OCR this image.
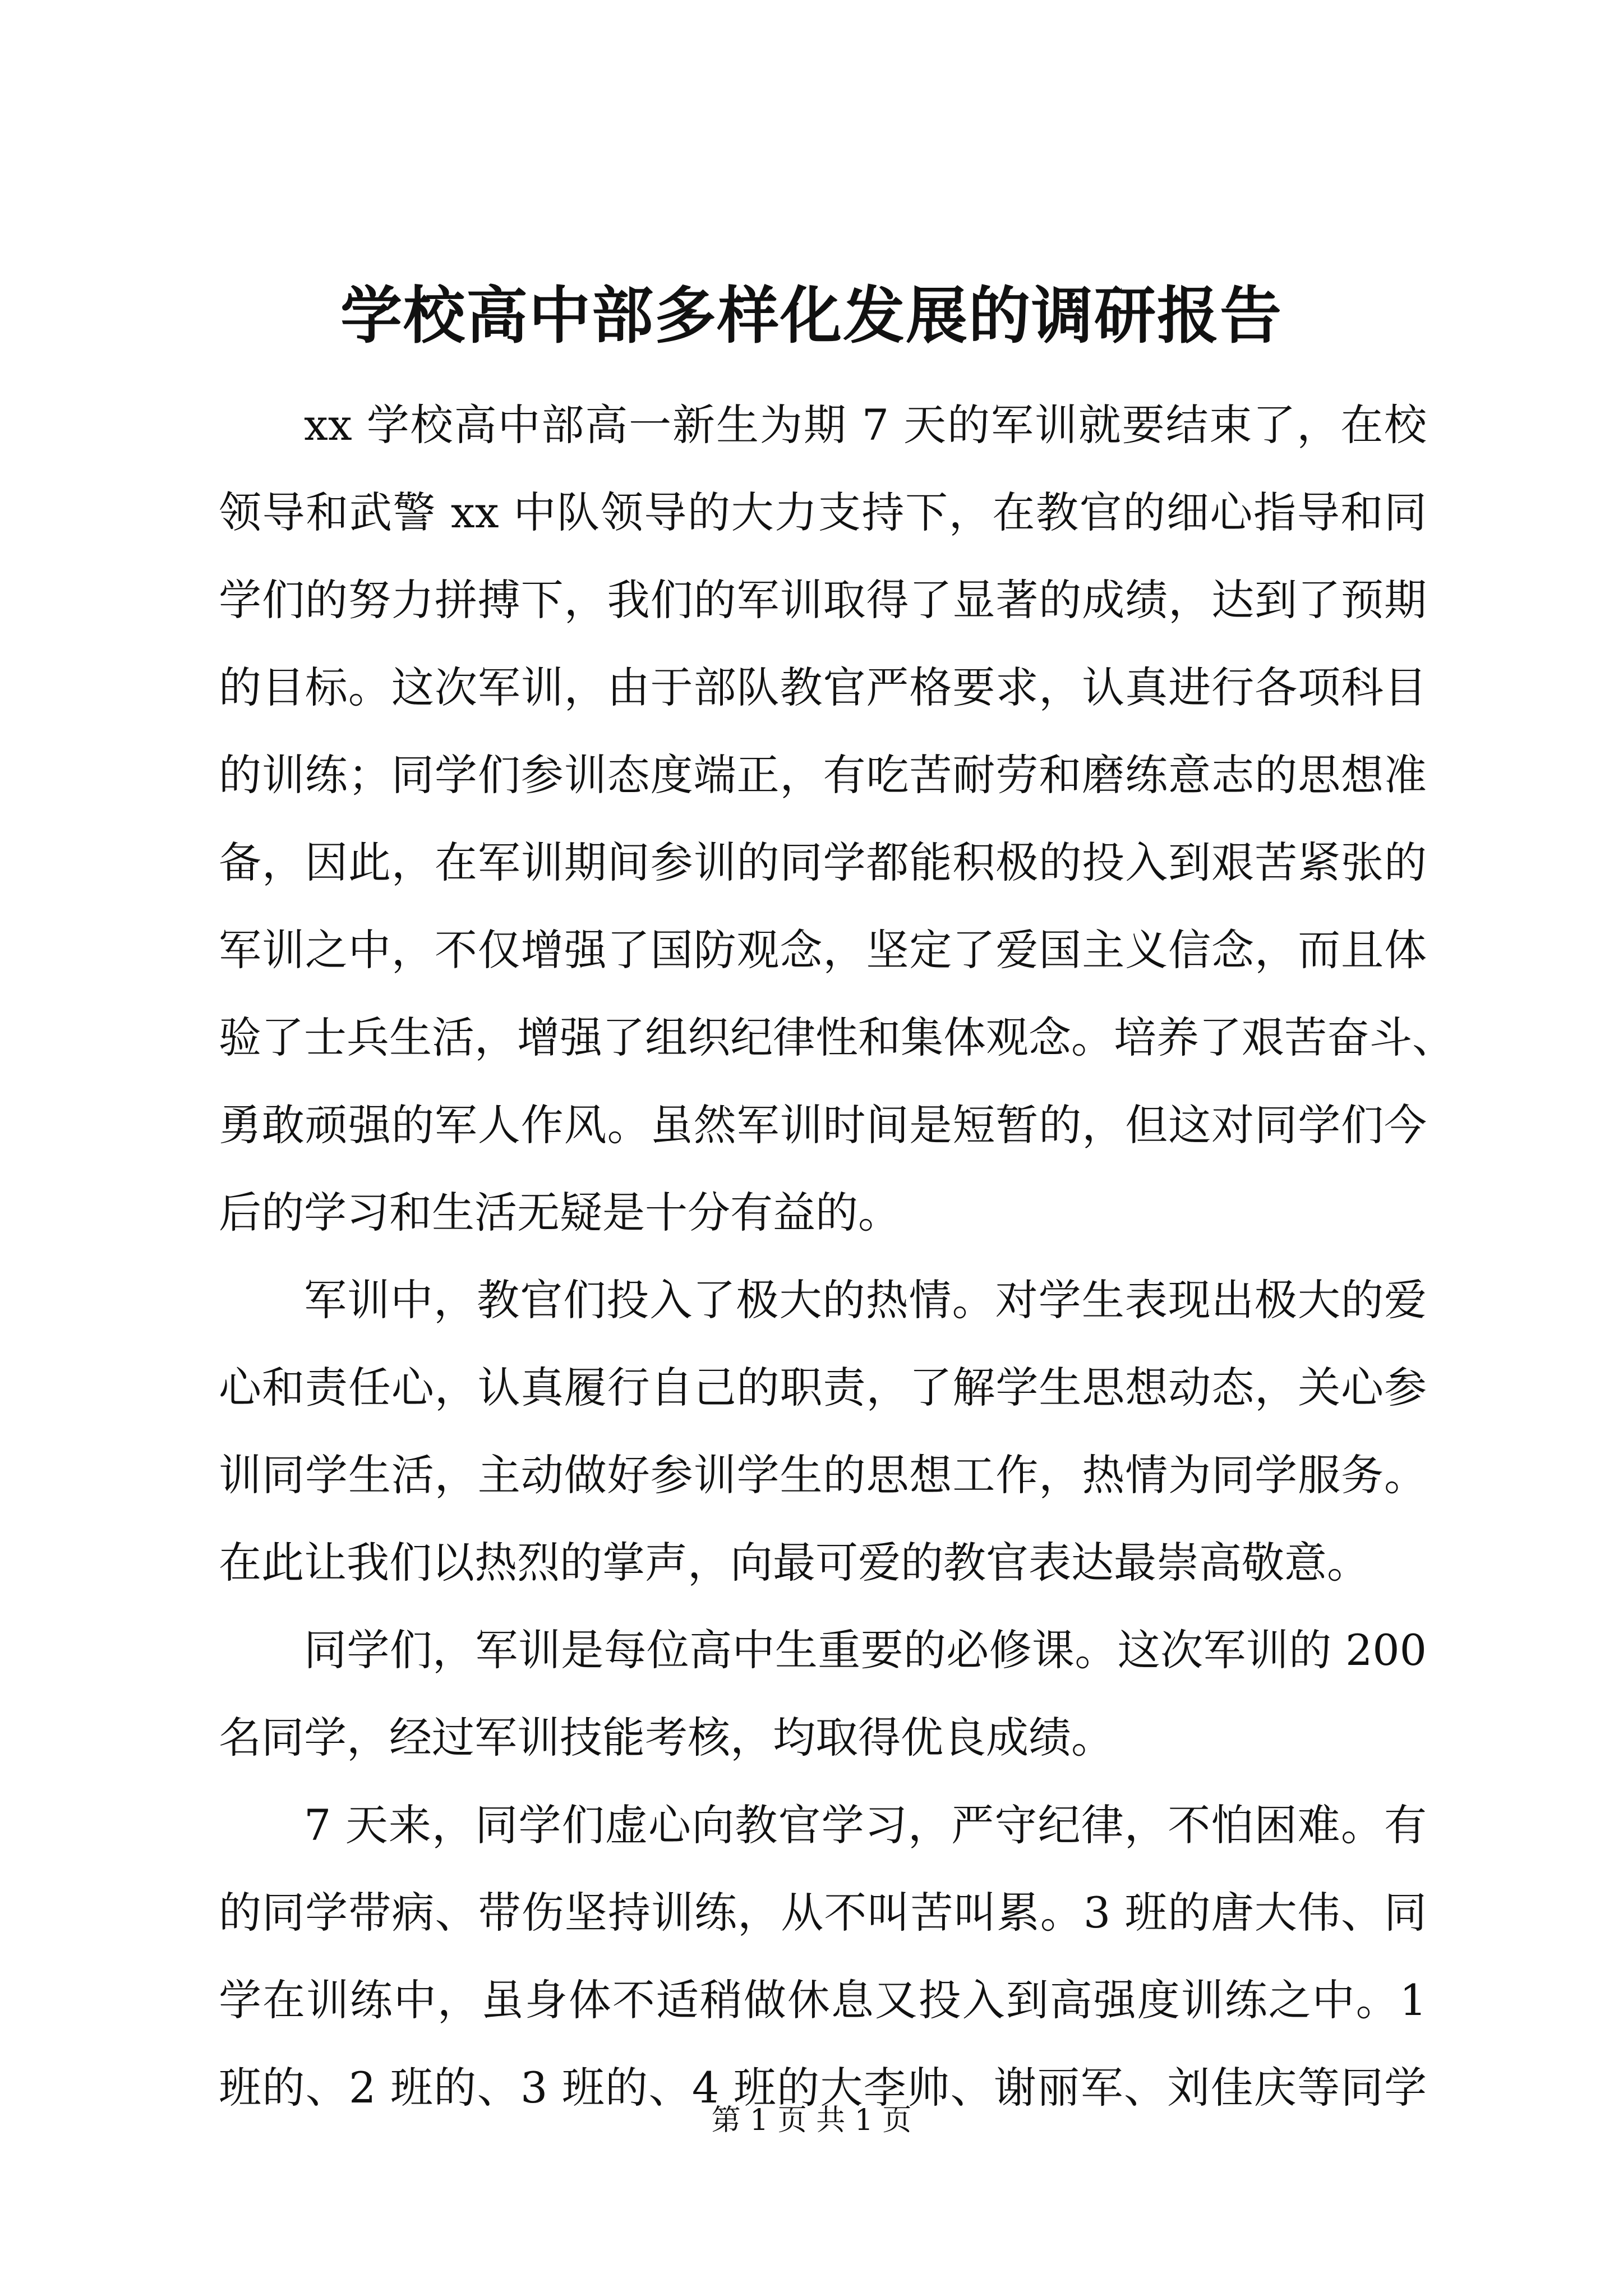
学校高中部多样化发展的调研报告
xx 学校高中部高一新生为期 7 天的军训就要结束了，在校
领导和武警 xx 中队领导的大力支持下，在教官的细心指导和同
学们的努力拼搏下，我们的军训取得了显著的成绩，达到了预期
的目标。这次军训，由于部队教官严格要求，认真进行各项科目
的训练；同学们参训态度端正，有吃苦耐劳和磨练意志的思想准
备，因此，在军训期间参训的同学都能积极的投入到艰苦紧张的
军训之中，不仅增强了国防观念，坚定了爱国主义信念，而且体
验了士兵生活，增强了组织纪律性和集体观念。培养了艰苦奋斗、
勇敢顽强的军人作风。虽然军训时间是短暂的，但这对同学们今
后的学习和生活无疑是十分有益的。
军训中，教官们投入了极大的热情。对学生表现出极大的爱
心和责任心，认真履行自己的职责，了解学生思想动态，关心参
训同学生活，主动做好参训学生的思想工作，热情为同学服务。
在此让我们以热烈的掌声，向最可爱的教官表达最崇高敬意。
同学们，军训是每位高中生重要的必修课。这次军训的 200
名同学，经过军训技能考核，均取得优良成绩。
7 天来，同学们虚心向教官学习，严守纪律，不怕困难。有
的同学带病、带伤坚持训练，从不叫苦叫累。3 班的唐大伟、同
学在训练中，虽身体不适稍做休息又投入到高强度训练之中。1
班的、2 班的、3 班的、4 班的大李帅、谢丽军、刘佳庆等同学
第 1 页 共 1 页
